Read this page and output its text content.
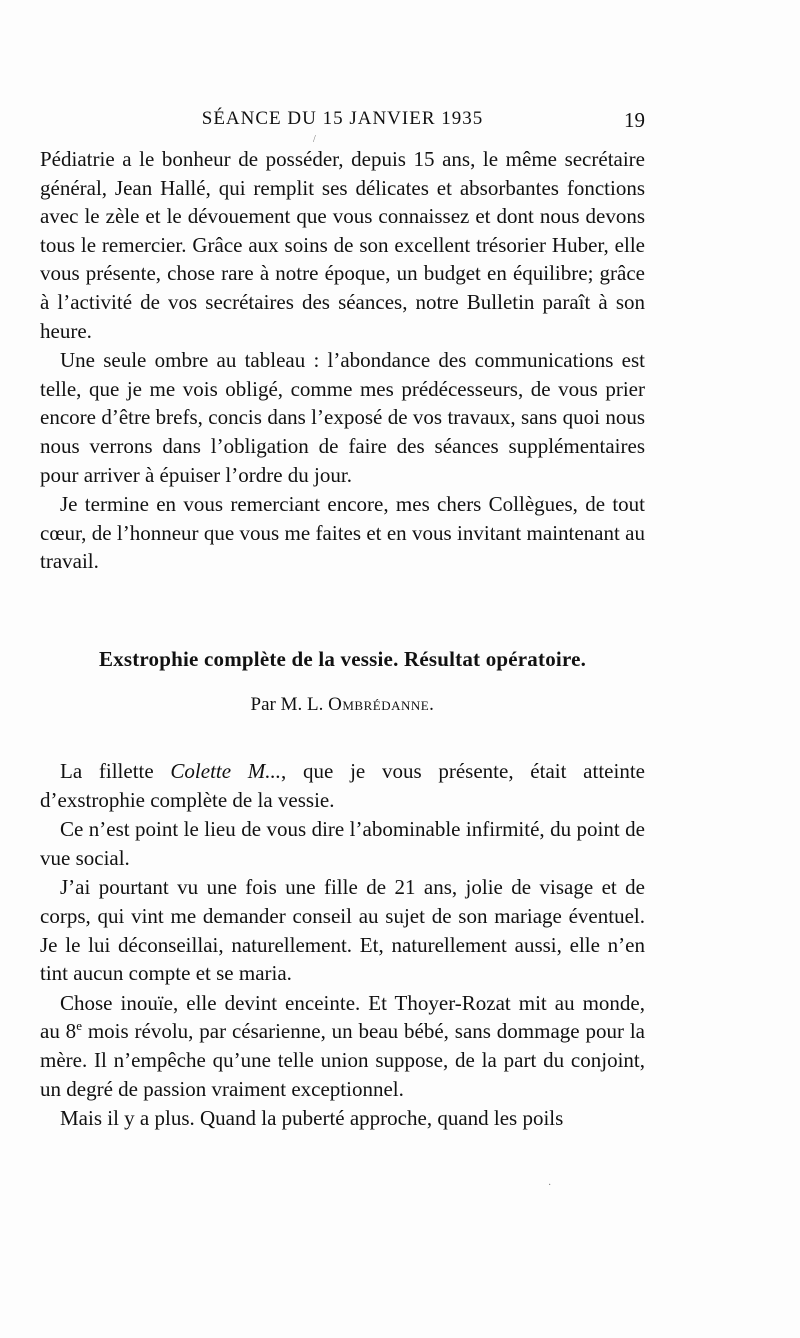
SÉANCE DU 15 JANVIER 1935	19
/

Pédiatrie a le bonheur de posséder, depuis 15 ans, le même secrétaire général, Jean Hallé, qui remplit ses délicates et absorbantes fonctions avec le zèle et le dévouement que vous connaissez et dont nous devons tous le remercier. Grâce aux soins de son excellent trésorier Huber, elle vous présente, chose rare à notre époque, un budget en équilibre; grâce à l’activité de vos secrétaires des séances, notre Bulletin paraît à son heure.

Une seule ombre au tableau : l’abondance des communications est telle, que je me vois obligé, comme mes prédécesseurs, de vous prier encore d’être brefs, concis dans l’exposé de vos travaux, sans quoi nous nous verrons dans l’obligation de faire des séances supplémentaires pour arriver à épuiser l’ordre du jour.

Je termine en vous remerciant encore, mes chers Collègues, de tout cœur, de l’honneur que vous me faites et en vous invitant maintenant au travail.

Exstrophie complète de la vessie. Résultat opératoire.
Par M. L. Ombrédanne.

La fillette Colette M..., que je vous présente, était atteinte d’exstrophie complète de la vessie.

Ce n’est point le lieu de vous dire l’abominable infirmité, du point de vue social.

J’ai pourtant vu une fois une fille de 21 ans, jolie de visage et de corps, qui vint me demander conseil au sujet de son mariage éventuel. Je le lui déconseillai, naturellement. Et, naturellement aussi, elle n’en tint aucun compte et se maria.

Chose inouïe, elle devint enceinte. Et Thoyer-Rozat mit au monde, au 8e mois révolu, par césarienne, un beau bébé, sans dommage pour la mère. Il n’empêche qu’une telle union suppose, de la part du conjoint, un degré de passion vraiment exceptionnel.

Mais il y a plus. Quand la puberté approche, quand les poils

·
